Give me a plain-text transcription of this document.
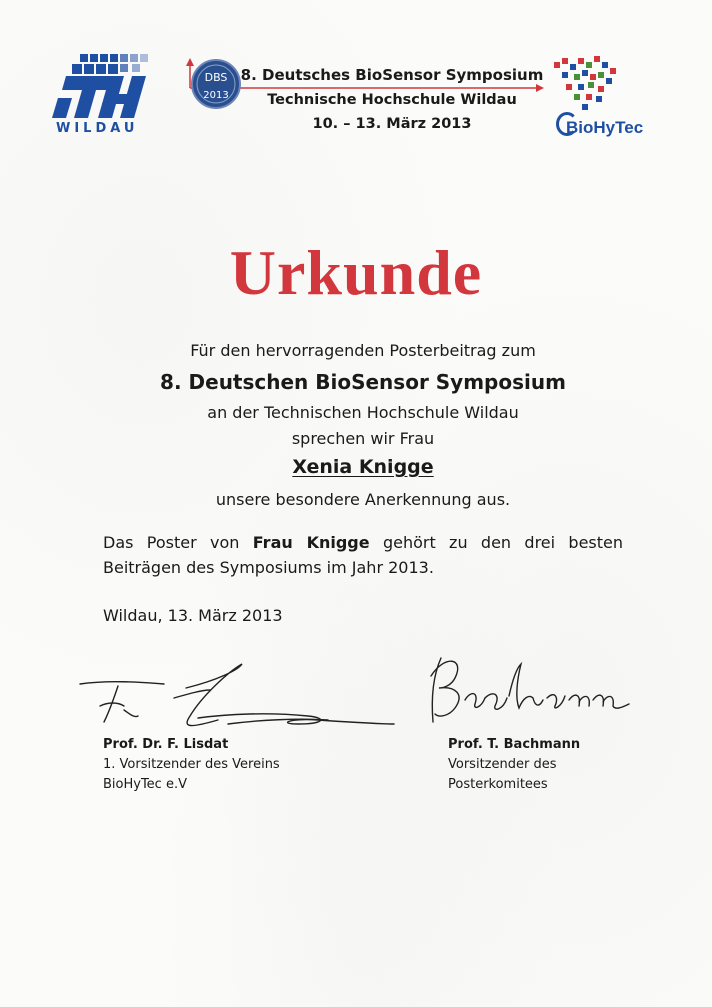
WILDAU
DBS
2013
8. Deutsches BioSensor Symposium
Technische Hochschule Wildau
10. – 13. März 2013	BioHyTec
Urkunde
Für den hervorragenden Posterbeitrag zum
8. Deutschen BioSensor Symposium
an der Technischen Hochschule Wildau
sprechen wir Frau
Xenia Knigge
unsere besondere Anerkennung aus.
Das Poster von Frau Knigge gehört zu den drei besten Beiträgen des Symposiums im Jahr 2013.
Wildau, 13. März 2013
Prof. Dr. F. Lisdat
1. Vorsitzender des Vereins
BioHyTec e.V
Prof. T. Bachmann
Vorsitzender des
Posterkomitees
